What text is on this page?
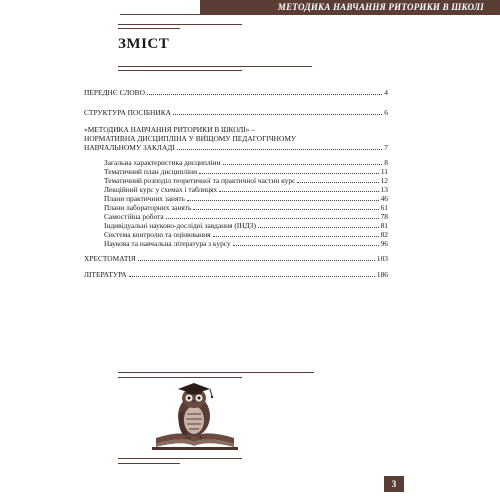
МЕТОДИКА НАВЧАННЯ РИТОРИКИ В ШКОЛІ
ЗМІСТ
ПЕРЕДНЄ СЛОВО	4
СТРУКТУРА ПОСІБНИКА	6
«МЕТОДИКА НАВЧАННЯ РИТОРИКИ В ШКОЛІ» –
НОРМАТИВНА ДИСЦИПЛІНА У ВИЩОМУ ПЕДАГОГІЧНОМУ
НАВЧАЛЬНОМУ ЗАКЛАДІ	7
Загальна характеристика дисципліни	8
Тематичний план дисципліни	11
Тематичний розподіл теоретичної та практичної частин курс	12
Лекційний курс у схемах і таблицях	13
Плани практичних занять	46
Плани лабораторних занять	61
Самостійна робота	78
Індивідуальні науково-дослідні завдання (ІНДЗ)	81
Система контролю та оцінювання	82
Наукова та навчальна література з курсу	96
ХРЕСТОМАТІЯ	103
ЛІТЕРАТУРА	186
3
